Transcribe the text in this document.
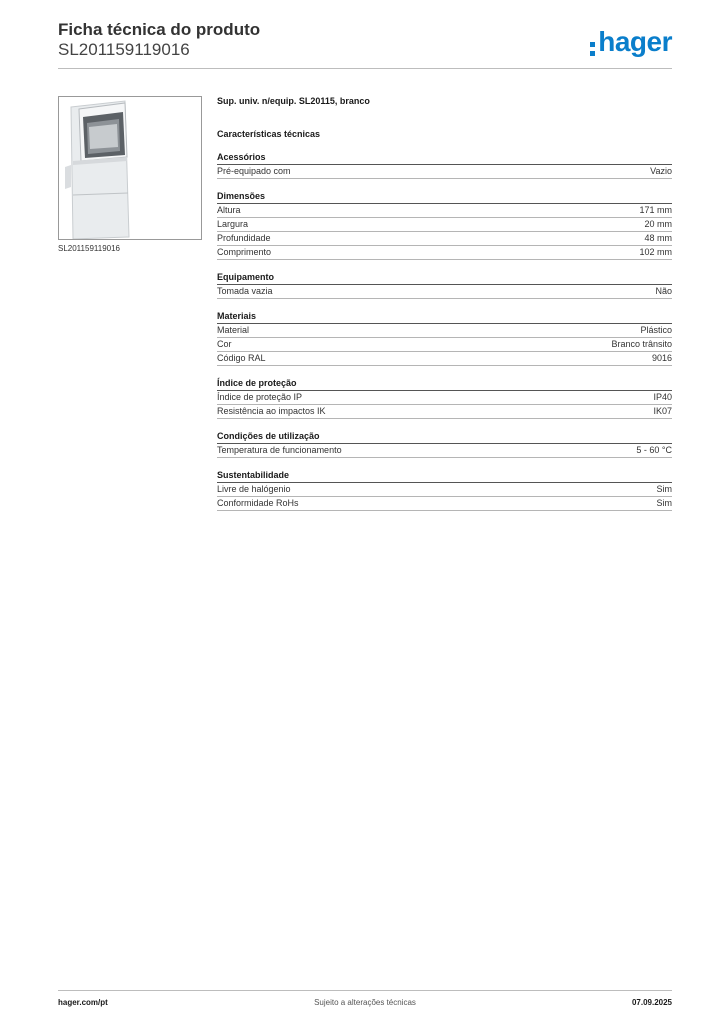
Ficha técnica do produto
SL201159119016	hager
SL201159119016
Sup. univ. n/equip. SL20115, branco
Características técnicas
Acessórios
Pré-equipado com	Vazio
Dimensões
Altura	171 mm
Largura	20 mm
Profundidade	48 mm
Comprimento	102 mm
Equipamento
Tomada vazia	Não
Materiais
Material	Plástico
Cor	Branco trânsito
Código RAL	9016
Índice de proteção
Índice de proteção IP	IP40
Resistência ao impactos IK	IK07
Condições de utilização
Temperatura de funcionamento	5 - 60 °C
Sustentabilidade
Livre de halógenio	Sim
Conformidade RoHs	Sim
hager.com/pt	Sujeito a alterações técnicas	07.09.2025
